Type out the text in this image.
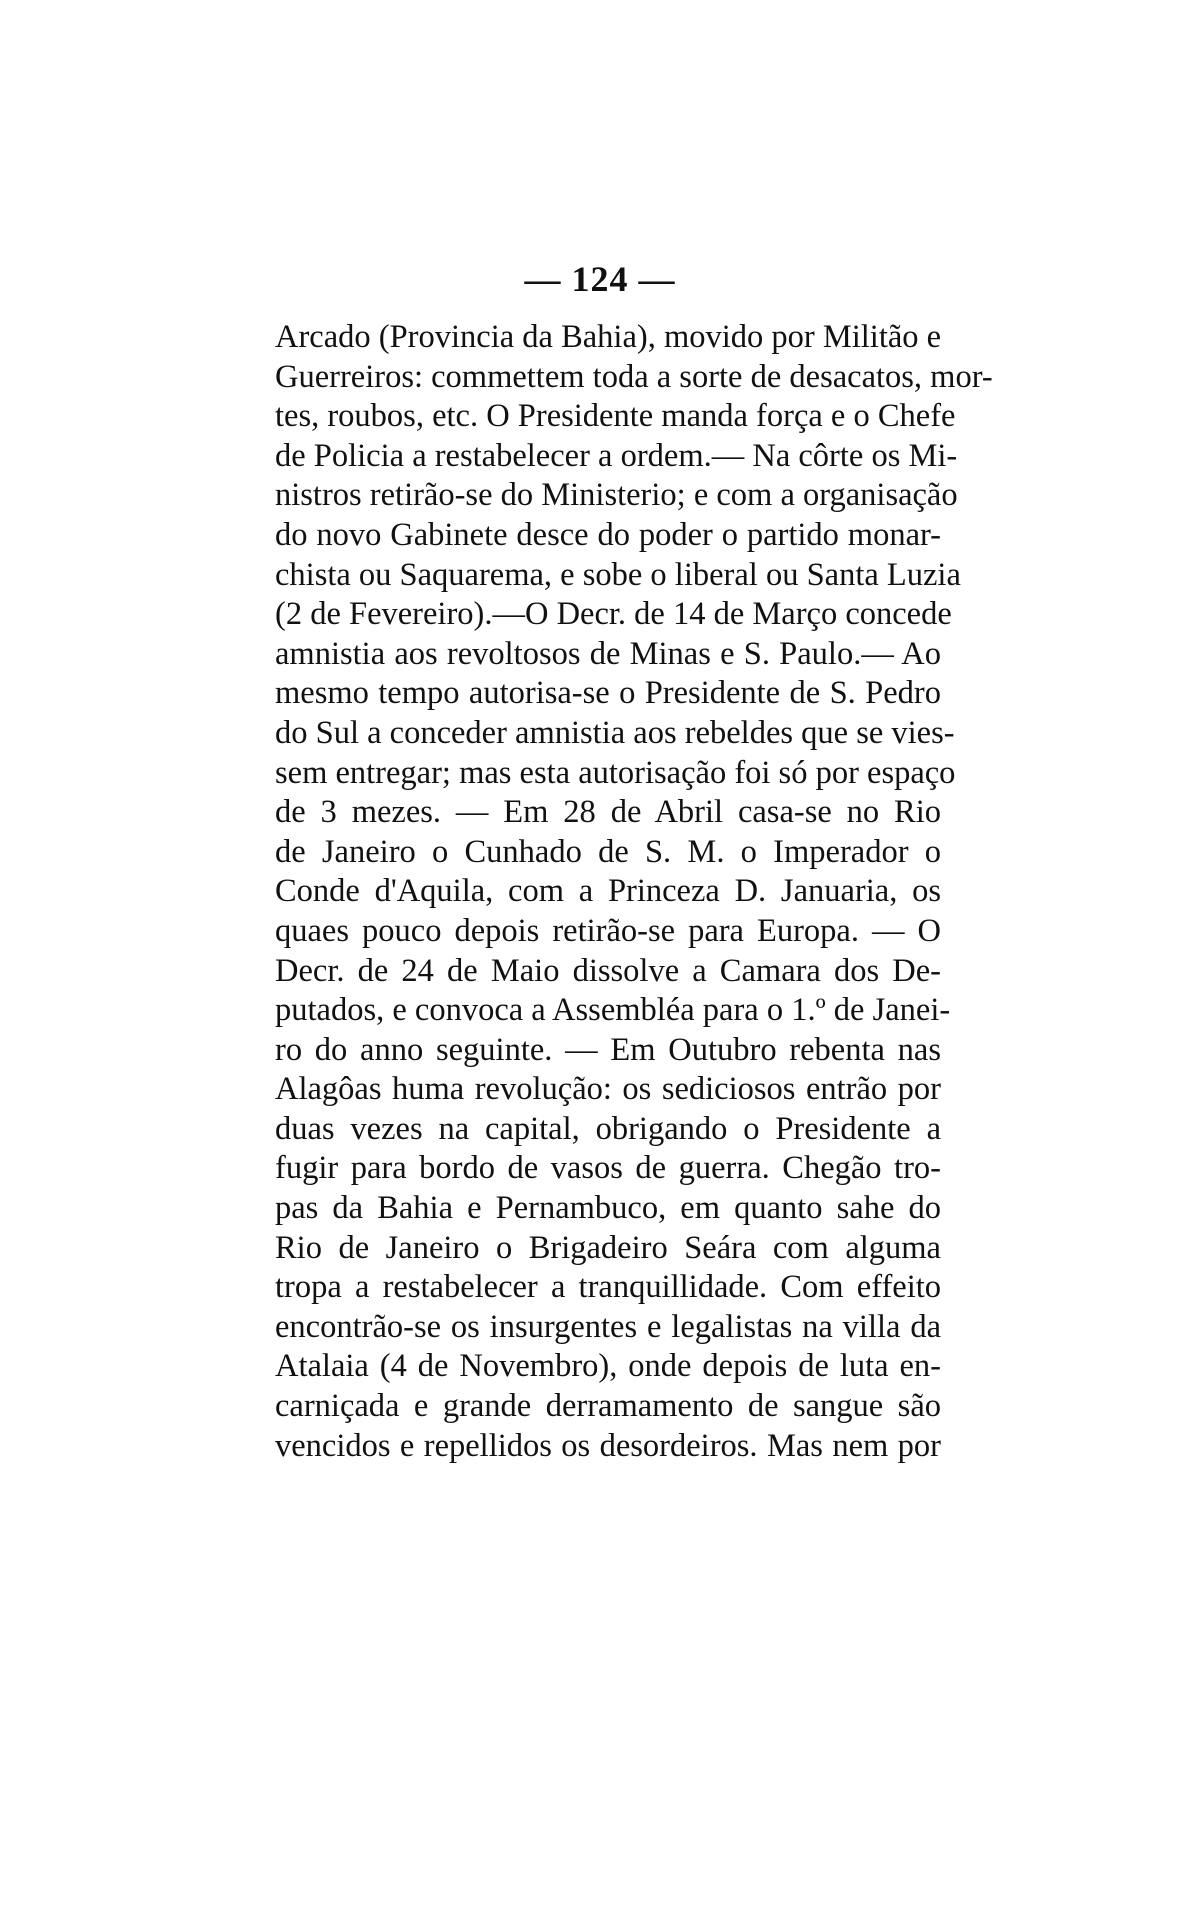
— 124 —
Arcado (Provincia da Bahia), movido por Militão e
Guerreiros: commettem toda a sorte de desacatos, mor-
tes, roubos, etc. O Presidente manda força e o Chefe
de Policia a restabelecer a ordem.— Na côrte os Mi-
nistros retirão-se do Ministerio; e com a organisação
do novo Gabinete desce do poder o partido monar-
chista ou Saquarema, e sobe o liberal ou Santa Luzia
(2 de Fevereiro).—O Decr. de 14 de Março concede
amnistia aos revoltosos de Minas e S. Paulo.— Ao
mesmo tempo autorisa-se o Presidente de S. Pedro
do Sul a conceder amnistia aos rebeldes que se vies-
sem entregar; mas esta autorisação foi só por espaço
de 3 mezes. — Em 28 de Abril casa-se no Rio
de Janeiro o Cunhado de S. M. o Imperador o
Conde d'Aquila, com a Princeza D. Januaria, os
quaes pouco depois retirão-se para Europa. — O
Decr. de 24 de Maio dissolve a Camara dos De-
putados, e convoca a Assembléa para o 1.º de Janei-
ro do anno seguinte. — Em Outubro rebenta nas
Alagôas huma revolução: os sediciosos entrão por
duas vezes na capital, obrigando o Presidente a
fugir para bordo de vasos de guerra. Chegão tro-
pas da Bahia e Pernambuco, em quanto sahe do
Rio de Janeiro o Brigadeiro Seára com alguma
tropa a restabelecer a tranquillidade. Com effeito
encontrão-se os insurgentes e legalistas na villa da
Atalaia (4 de Novembro), onde depois de luta en-
carniçada e grande derramamento de sangue são
vencidos e repellidos os desordeiros. Mas nem por
